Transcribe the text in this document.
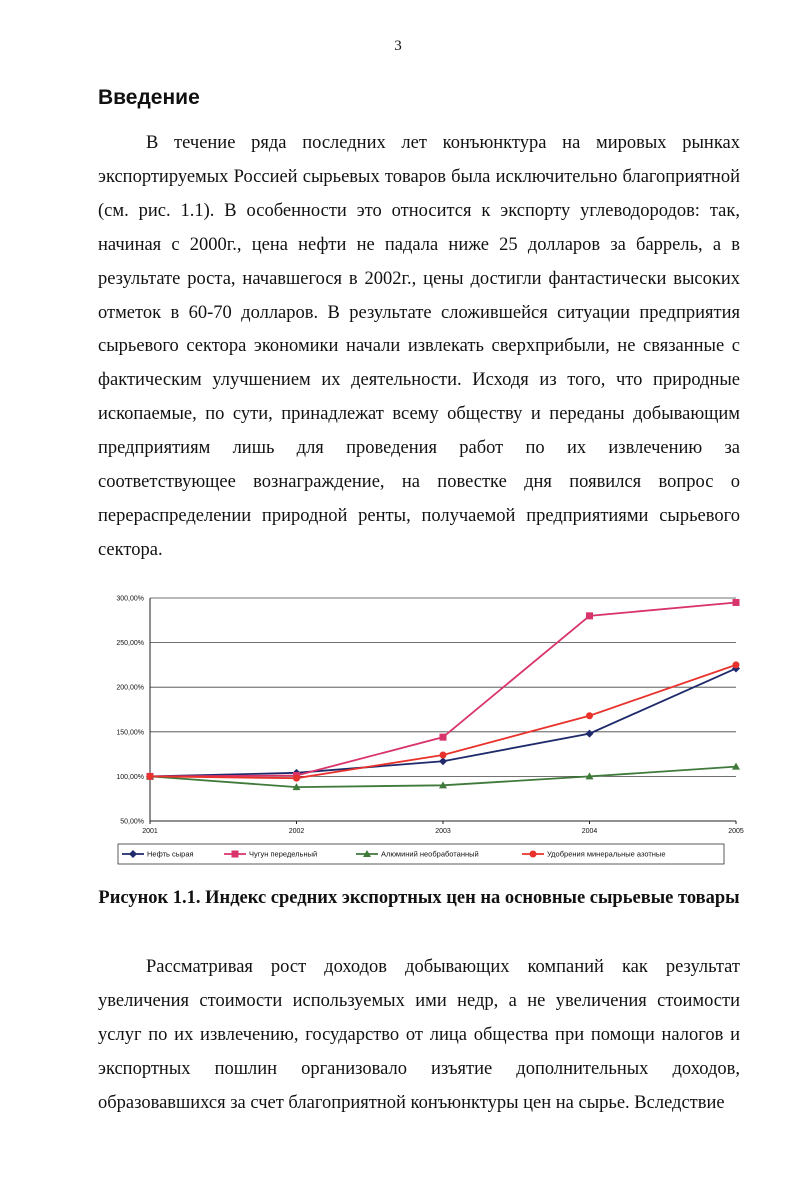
3
Введение

В течение ряда последних лет конъюнктура на мировых рынках экспортируемых Россией сырьевых товаров была исключительно благоприятной (см. рис. 1.1). В особенности это относится к экспорту углеводородов: так, начиная с 2000г., цена нефти не падала ниже 25 долларов за баррель, а в результате роста, начавшегося в 2002г., цены достигли фантастически высоких отметок в 60-70 долларов. В результате сложившейся ситуации предприятия сырьевого сектора экономики начали извлекать сверхприбыли, не связанные с фактическим улучшением их деятельности. Исходя из того, что природные ископаемые, по сути, принадлежат всему обществу и переданы добывающим предприятиям лишь для проведения работ по их извлечению за соответствующее вознаграждение, на повестке дня появился вопрос о перераспределении природной ренты, получаемой предприятиями сырьевого сектора.

50,00%
100,00%
150,00%
200,00%
250,00%
300,00%
2001	2002	2003	2004	2005
Нефть сырая	Чугун передельный	Алюминий необработанный	Удобрения минеральные азотные

Рисунок 1.1. Индекс средних экспортных цен на основные сырьевые товары

Рассматривая рост доходов добывающих компаний как результат увеличения стоимости используемых ими недр, а не увеличения стоимости услуг по их извлечению, государство от лица общества при помощи налогов и экспортных пошлин организовало изъятие дополнительных доходов, образовавшихся за счет благоприятной конъюнктуры цен на сырье. Вследствие
